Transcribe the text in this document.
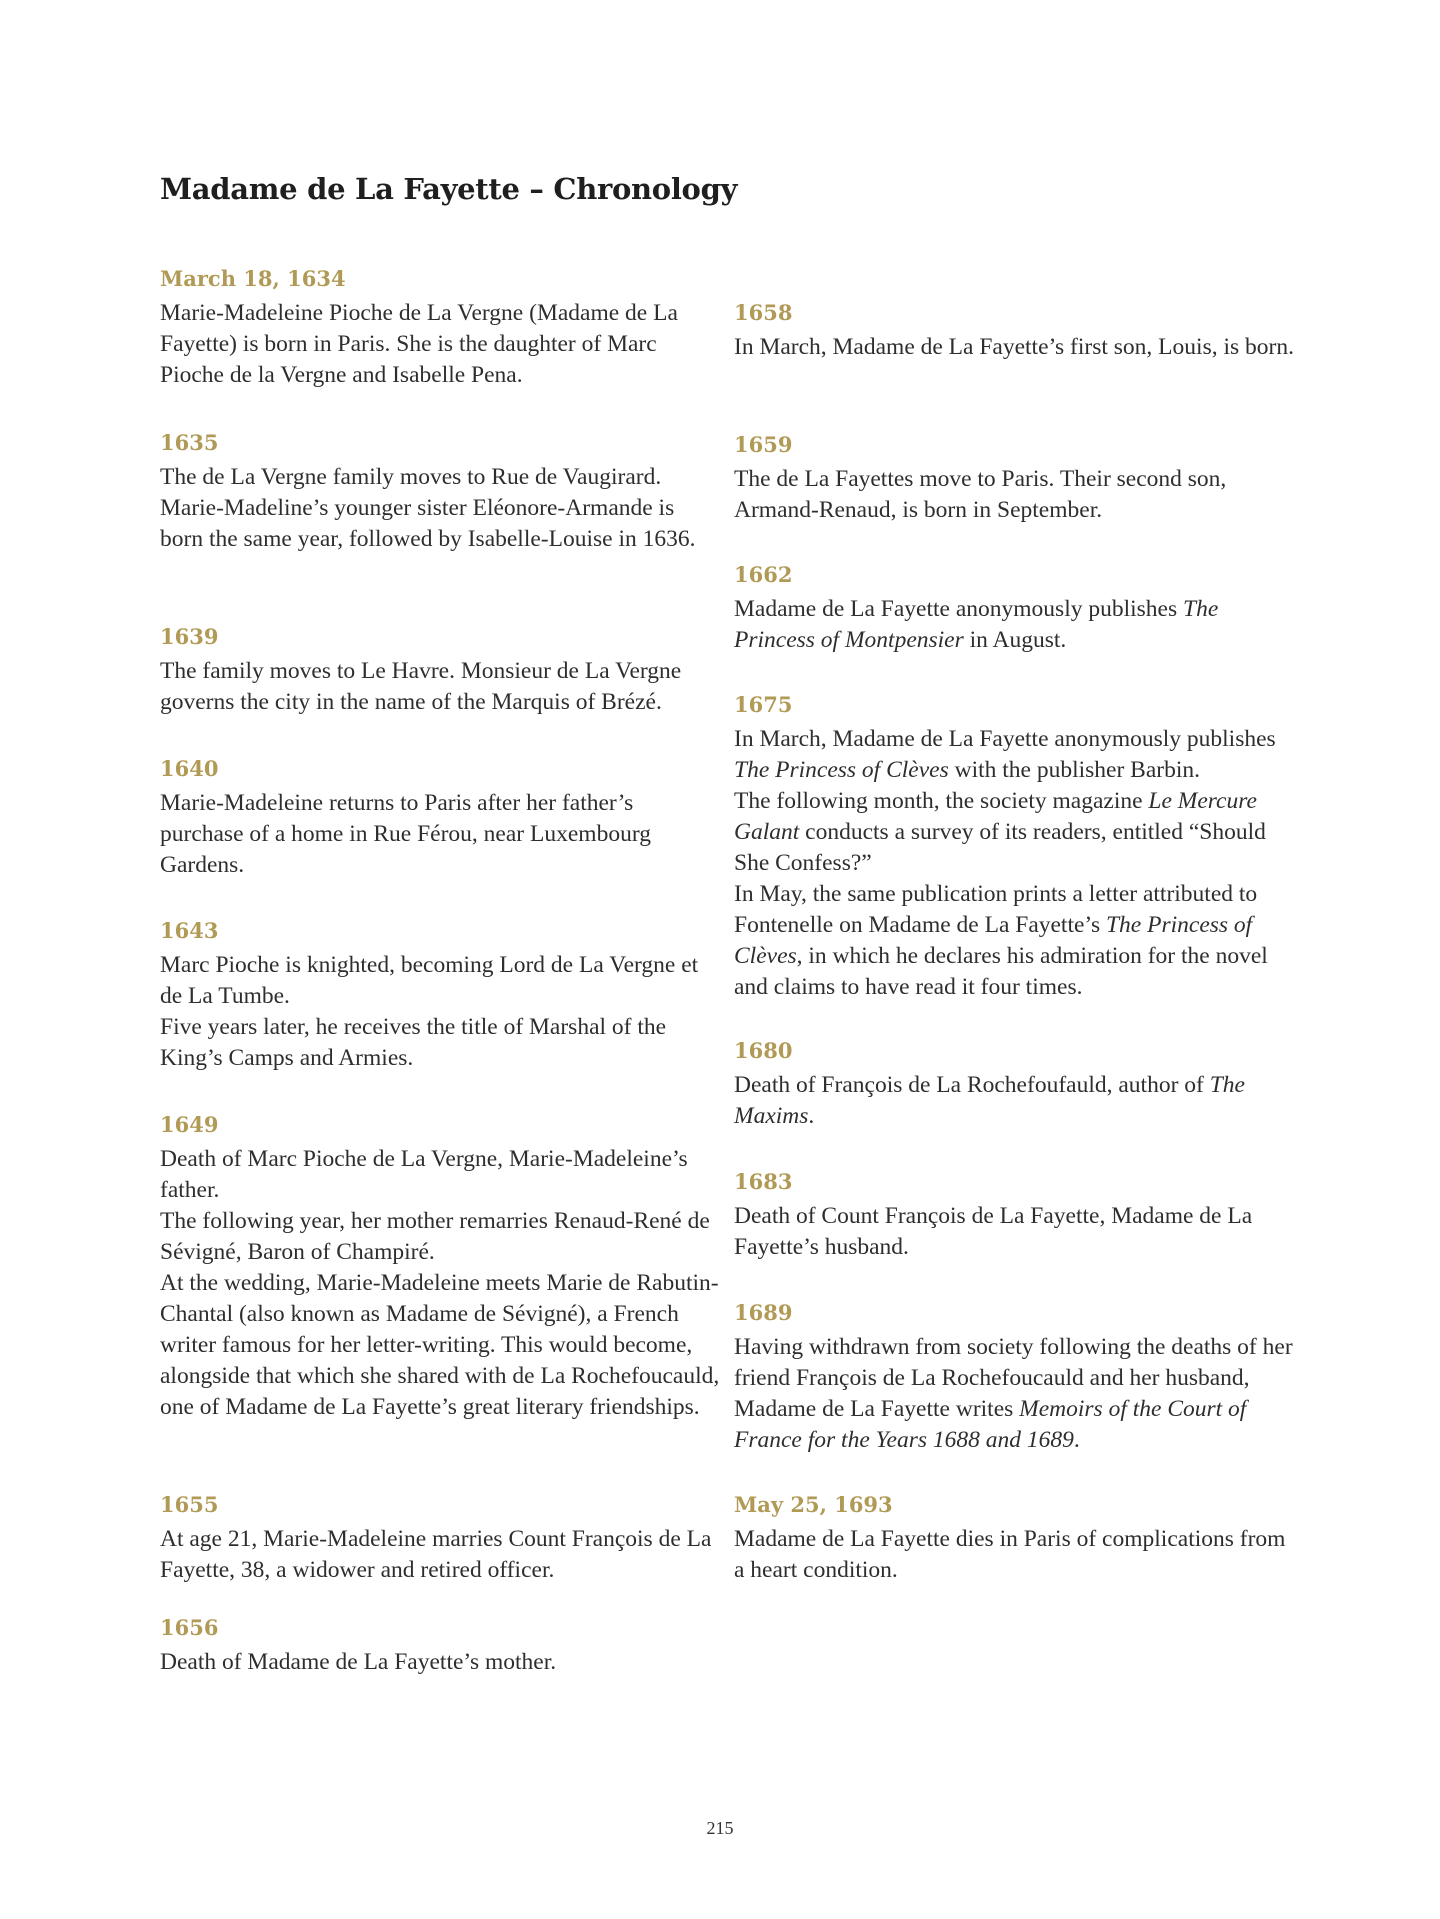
Madame de La Fayette – Chronology
March 18, 1634

Marie-Madeleine Pioche de La Vergne (Madame de La Fayette) is born in Paris. She is the daughter of Marc Pioche de la Vergne and Isabelle Pena.

1635

The de La Vergne family moves to Rue de Vaugirard. Marie-Madeline’s younger sister Eléonore-Armande is born the same year, followed by Isabelle-Louise in 1636.

1639

The family moves to Le Havre. Monsieur de La Vergne governs the city in the name of the Marquis of Brézé.

1640

Marie-Madeleine returns to Paris after her father’s purchase of a home in Rue Férou, near Luxembourg Gardens.

1643

Marc Pioche is knighted, becoming Lord de La Vergne et de La Tumbe.

Five years later, he receives the title of Marshal of the King’s Camps and Armies.

1649

Death of Marc Pioche de La Vergne, Marie-Madeleine’s father.

The following year, her mother remarries Renaud-René de Sévigné, Baron of Champiré.

At the wedding, Marie-Madeleine meets Marie de Rabutin-Chantal (also known as Madame de Sévigné), a French writer famous for her letter-writing. This would become, alongside that which she shared with de La Rochefoucauld, one of Madame de La Fayette’s great literary friendships.

1655

At age 21, Marie-Madeleine marries Count François de La Fayette, 38, a widower and retired officer.

1656

Death of Madame de La Fayette’s mother.

1658

In March, Madame de La Fayette’s first son, Louis, is born.

1659

The de La Fayettes move to Paris. Their second son, Armand-Renaud, is born in September.

1662

Madame de La Fayette anonymously publishes The Princess of Montpensier in August.

1675

In March, Madame de La Fayette anonymously publishes The Princess of Clèves with the publisher Barbin.

The following month, the society magazine Le Mercure Galant conducts a survey of its readers, entitled “Should She Confess?”

In May, the same publication prints a letter attributed to Fontenelle on Madame de La Fayette’s The Princess of Clèves, in which he declares his admiration for the novel and claims to have read it four times.

1680

Death of François de La Rochefoufauld, author of The Maxims.

1683

Death of Count François de La Fayette, Madame de La Fayette’s husband.

1689

Having withdrawn from society following the deaths of her friend François de La Rochefoucauld and her husband, Madame de La Fayette writes Memoirs of the Court of France for the Years 1688 and 1689.

May 25, 1693

Madame de La Fayette dies in Paris of complications from a heart condition.

215
